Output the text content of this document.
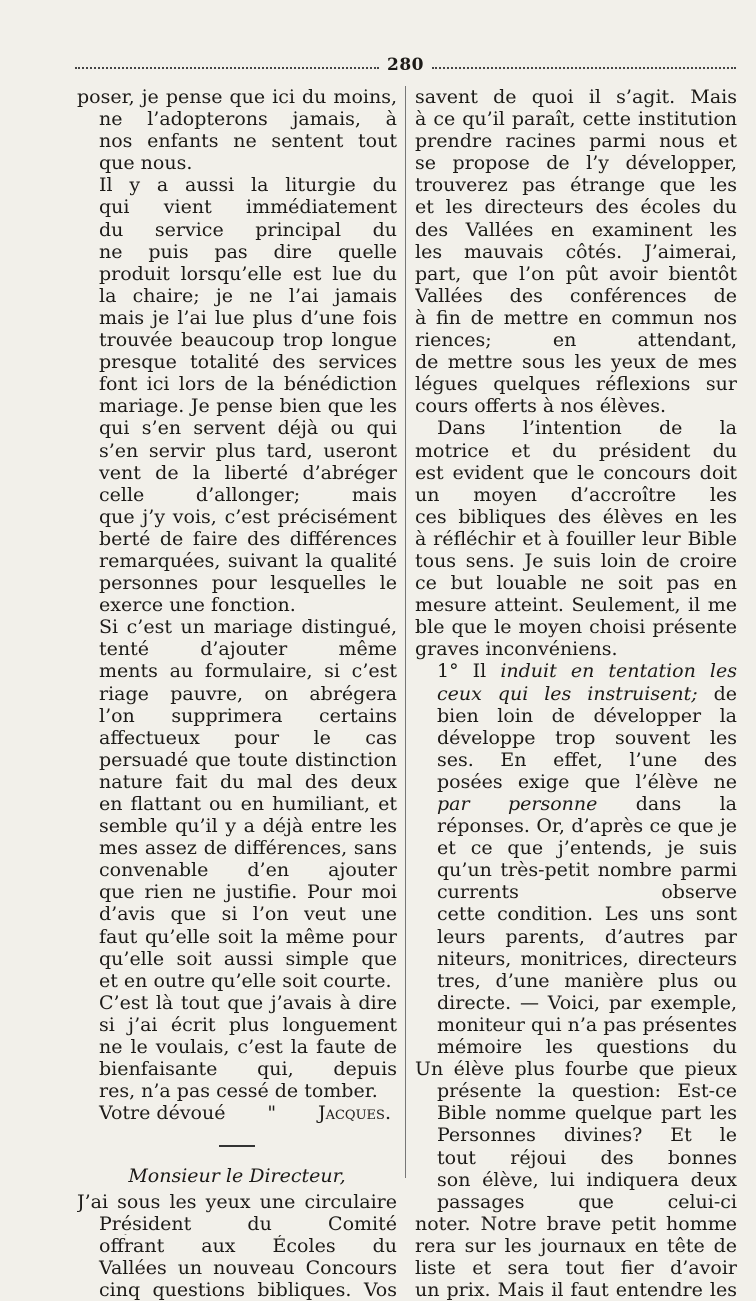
280
poser, je pense que ici du moins,
ne l’adopterons jamais, à
nos enfants ne sentent tout
que nous.
Il y a aussi la liturgie du
qui vient immédiatement
du service principal du
ne puis pas dire quelle
produit lorsqu’elle est lue du
la chaire; je ne l’ai jamais
mais je l’ai lue plus d’une fois
trouvée beaucoup trop longue
presque totalité des services
font ici lors de la bénédiction
mariage. Je pense bien que les
qui s’en servent déjà ou qui
s’en servir plus tard, useront
vent de la liberté d’abréger
celle d’allonger; mais
que j’y vois, c’est précisément
berté de faire des différences
remarquées, suivant la qualité
personnes pour lesquelles le
exerce une fonction.
Si c’est un mariage distingué,
tenté d’ajouter même
ments au formulaire, si c’est
riage pauvre, on abrégera
l’on supprimera certains
affectueux pour le cas
persuadé que toute distinction
nature fait du mal des deux
en flattant ou en humiliant, et
semble qu’il y a déjà entre les
mes assez de différences, sans
convenable d’en ajouter
que rien ne justifie. Pour moi
d’avis que si l’on veut une
faut qu’elle soit la même pour
qu’elle soit aussi simple que
et en outre qu’elle soit courte.
C’est là tout que j’avais à dire
si j’ai écrit plus longuement
ne le voulais, c’est la faute de
bienfaisante qui, depuis
res, n’a pas cessé de tomber.
Votre dévoué " Jacques.
Monsieur le Directeur,
J’ai sous les yeux une circulaire
Président du Comité
offrant aux Écoles du
Vallées un nouveau Concours
cinq questions bibliques. Vos
savent de quoi il s’agit. Mais
à ce qu’il paraît, cette institution
prendre racines parmi nous et
se propose de l’y développer,
trouverez pas étrange que les
et les directeurs des écoles du
des Vallées en examinent les
les mauvais côtés. J’aimerai,
part, que l’on pût avoir bientôt
Vallées des conférences de
à fin de mettre en commun nos
riences; en attendant,
de mettre sous les yeux de mes
légues quelques réflexions sur
cours offerts à nos élèves.
Dans l’intention de la
motrice et du président du
est evident que le concours doit
un moyen d’accroître les
ces bibliques des élèves en les
à réfléchir et à fouiller leur Bible
tous sens. Je suis loin de croire
ce but louable ne soit pas en
mesure atteint. Seulement, il me
ble que le moyen choisi présente
graves inconvéniens.
1° Il induit en tentation les
ceux qui les instruisent; de
bien loin de développer la
développe trop souvent les
ses. En effet, l’une des
posées exige que l’élève ne
par personne dans la
réponses. Or, d’après ce que je
et ce que j’entends, je suis
qu’un très-petit nombre parmi
currents observe
cette condition. Les uns sont
leurs parents, d’autres par
niteurs, monitrices, directeurs
tres, d’une manière plus ou
directe. — Voici, par exemple,
moniteur qui n’a pas présentes
mémoire les questions du
Un élève plus fourbe que pieux
présente la question: Est-ce
Bible nomme quelque part les
Personnes divines? Et le
tout réjoui des bonnes
son élève, lui indiquera deux
passages que celui-ci
noter. Notre brave petit homme
rera sur les journaux en tête de
liste et sera tout fier d’avoir
un prix. Mais il faut entendre les
